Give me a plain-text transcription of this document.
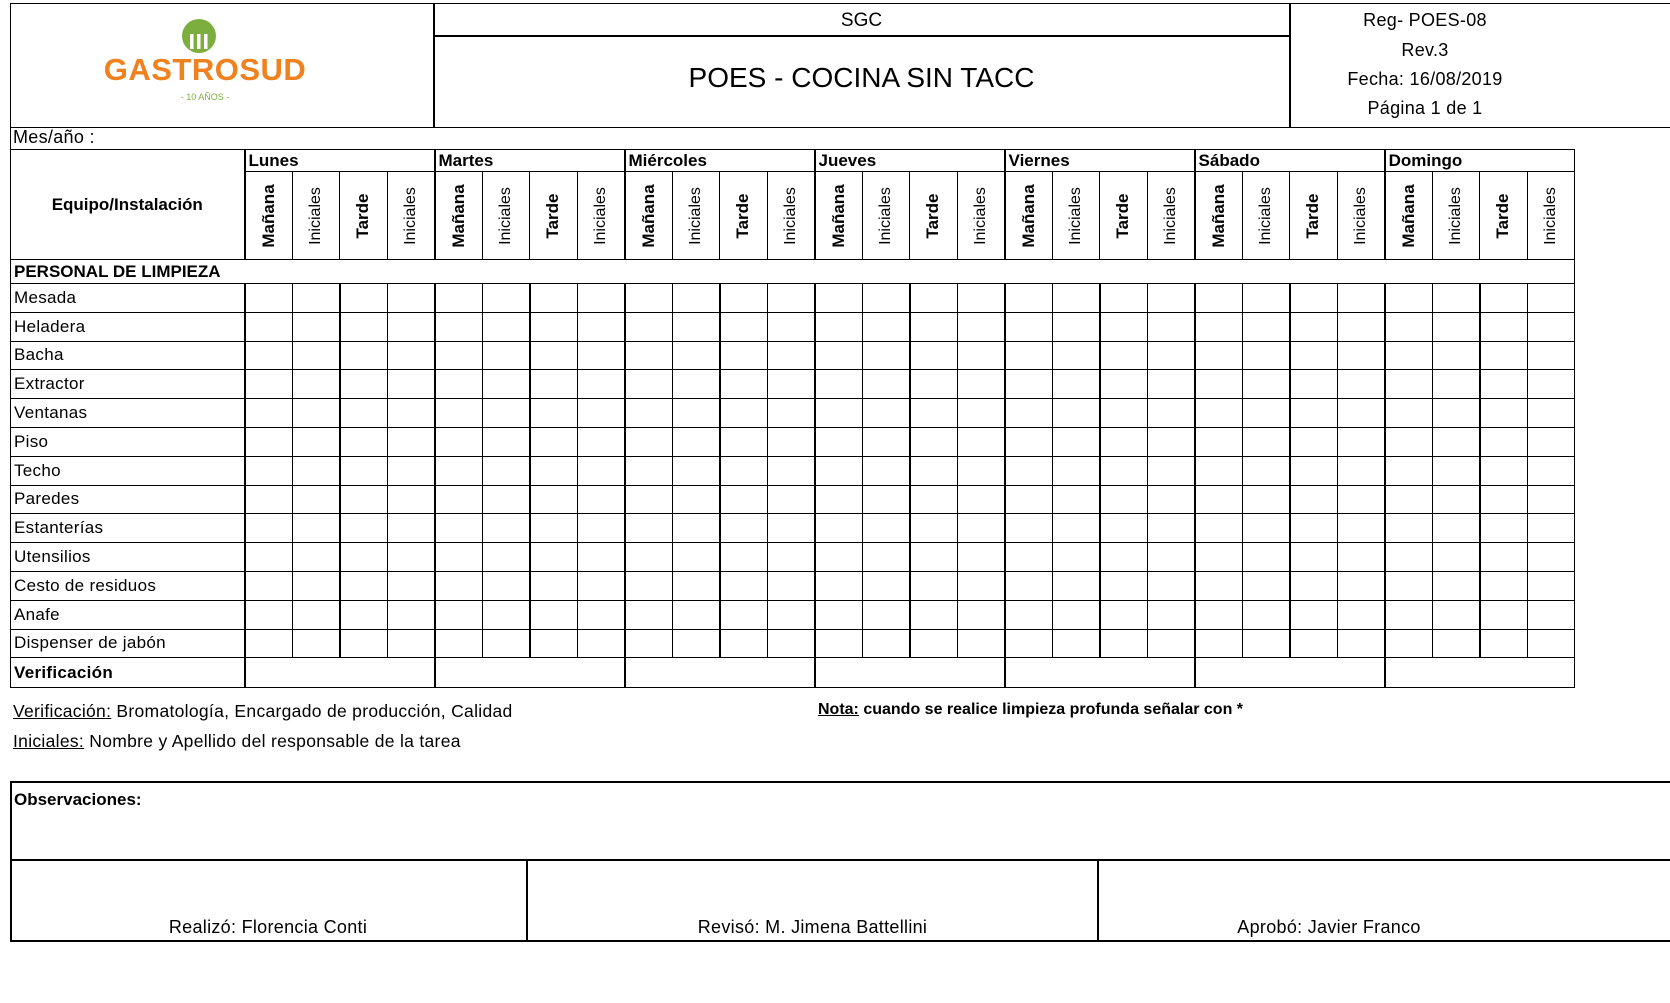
GASTROSUD
- 10 AÑOS -
SGC
POES - COCINA SIN TACC
Reg- POES-08
Rev.3
Fecha: 16/08/2019
Página 1 de 1
Mes/año :
Equipo/Instalación	Lunes				Martes				Miércoles				Jueves				Viernes				Sábado				Domingo			

	Mañana	Iniciales	Tarde	Iniciales	Mañana	Iniciales	Tarde	Iniciales	Mañana	Iniciales	Tarde	Iniciales	Mañana	Iniciales	Tarde	Iniciales	Mañana	Iniciales	Tarde	Iniciales	Mañana	Iniciales	Tarde	Iniciales	Mañana	Iniciales	Tarde	Iniciales

PERSONAL DE LIMPIEZA																												
Mesada																												
Heladera																												
Bacha																												
Extractor																												
Ventanas																												
Piso																												
Techo																												
Paredes																												
Estanterías																												
Utensilios																												
Cesto de residuos																												
Anafe																												
Dispenser de jabón																												
Verificación																												
Verificación: Bromatología, Encargado de producción, Calidad
Iniciales: Nombre y Apellido del responsable de la tarea
Nota: cuando se realice limpieza profunda señalar con *
Observaciones:
Realizó: Florencia Conti	Revisó: M. Jimena Battellini	Aprobó: Javier Franco
